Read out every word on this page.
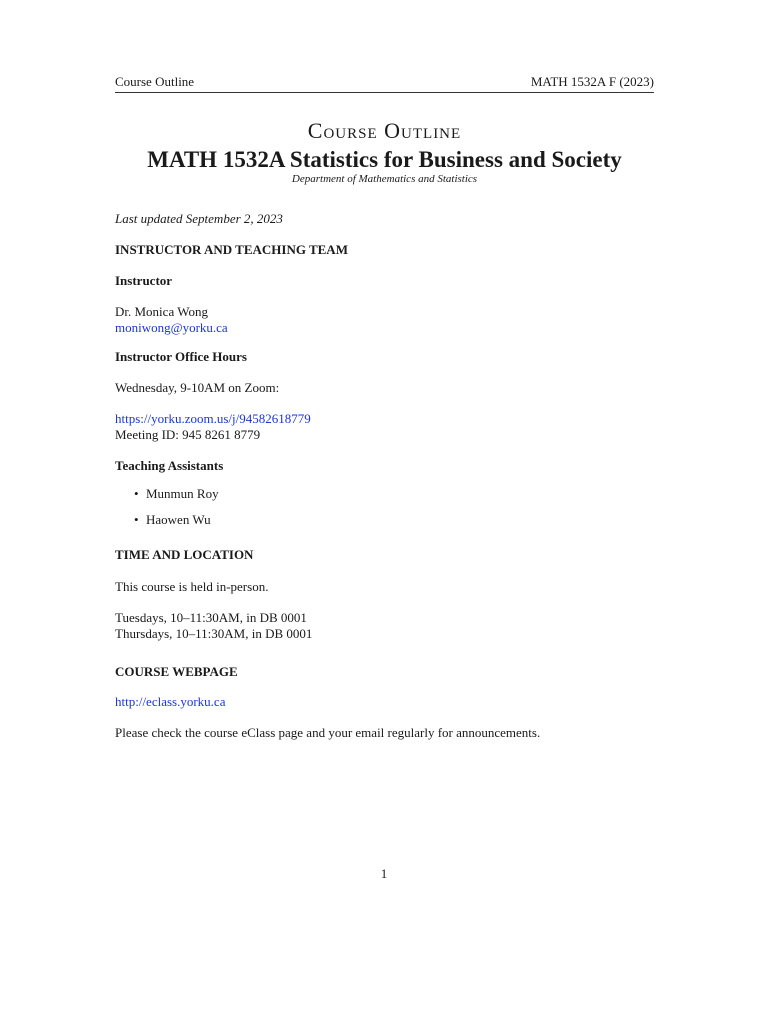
Course Outline	MATH 1532A F (2023)
Course Outline
MATH 1532A Statistics for Business and Society
Department of Mathematics and Statistics
Last updated September 2, 2023
INSTRUCTOR AND TEACHING TEAM
Instructor
Dr. Monica Wong
moniwong@yorku.ca
Instructor Office Hours
Wednesday, 9-10AM on Zoom:
https://yorku.zoom.us/j/94582618779
Meeting ID: 945 8261 8779
Teaching Assistants
• Munmun Roy
• Haowen Wu
TIME AND LOCATION
This course is held in-person.
Tuesdays, 10–11:30AM, in DB 0001
Thursdays, 10–11:30AM, in DB 0001
COURSE WEBPAGE
http://eclass.yorku.ca
Please check the course eClass page and your email regularly for announcements.
1
